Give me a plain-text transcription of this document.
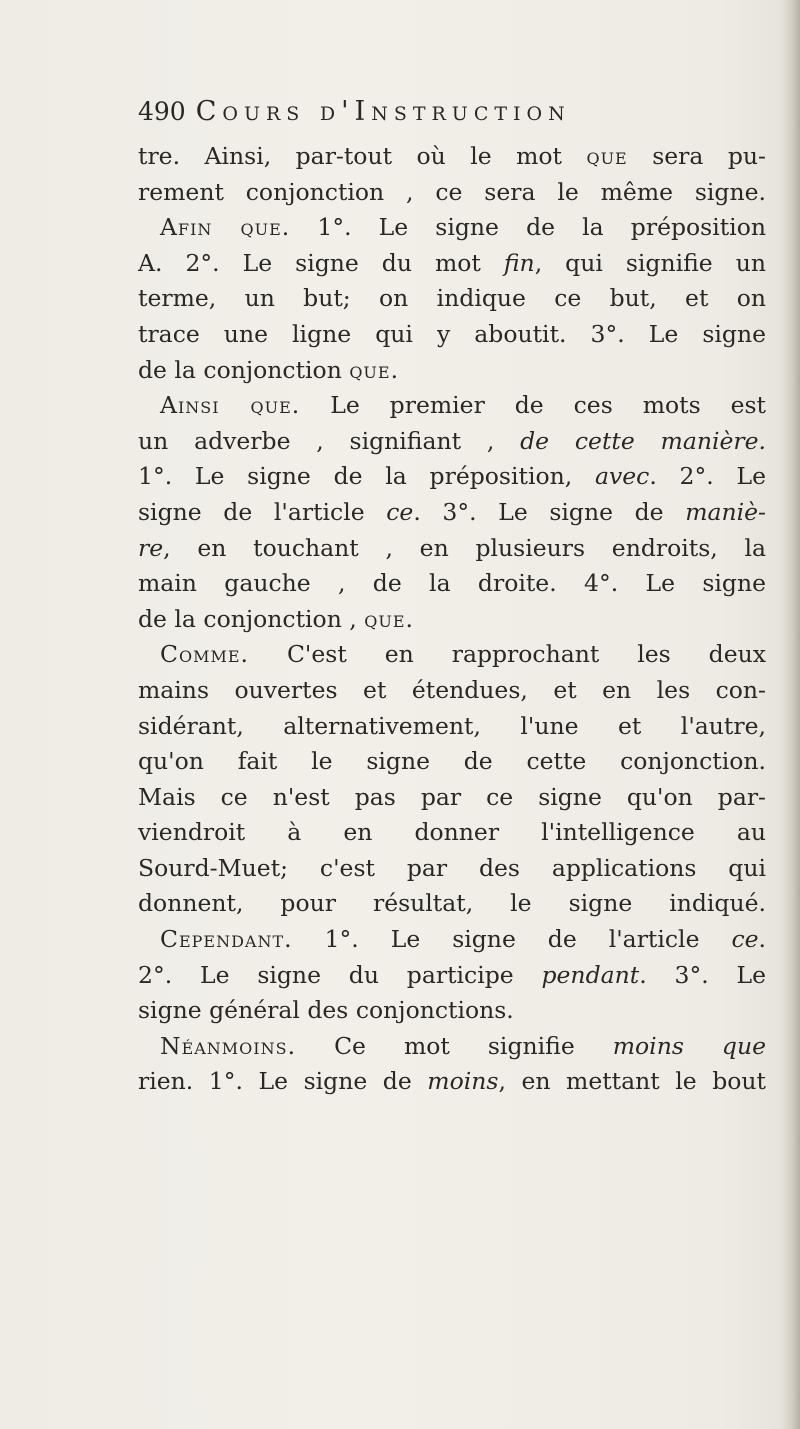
490 Cours d'Instruction
tre. Ainsi, par-tout où le mot que sera pu-
rement conjonction , ce sera le même signe.
Afin que. 1°. Le signe de la préposition
A. 2°. Le signe du mot fin, qui signifie un
terme, un but; on indique ce but, et on
trace une ligne qui y aboutit. 3°. Le signe
de la conjonction que.
Ainsi que. Le premier de ces mots est
un adverbe , signifiant , de cette manière.
1°. Le signe de la préposition, avec. 2°. Le
signe de l'article ce. 3°. Le signe de maniè-
re, en touchant , en plusieurs endroits, la
main gauche , de la droite. 4°. Le signe
de la conjonction , que.
Comme. C'est en rapprochant les deux
mains ouvertes et étendues, et en les con-
sidérant, alternativement, l'une et l'autre,
qu'on fait le signe de cette conjonction.
Mais ce n'est pas par ce signe qu'on par-
viendroit à en donner l'intelligence au
Sourd-Muet; c'est par des applications qui
donnent, pour résultat, le signe indiqué.
Cependant. 1°. Le signe de l'article ce.
2°. Le signe du participe pendant. 3°. Le
signe général des conjonctions.
Néanmoins. Ce mot signifie moins que
rien. 1°. Le signe de moins, en mettant le bout
